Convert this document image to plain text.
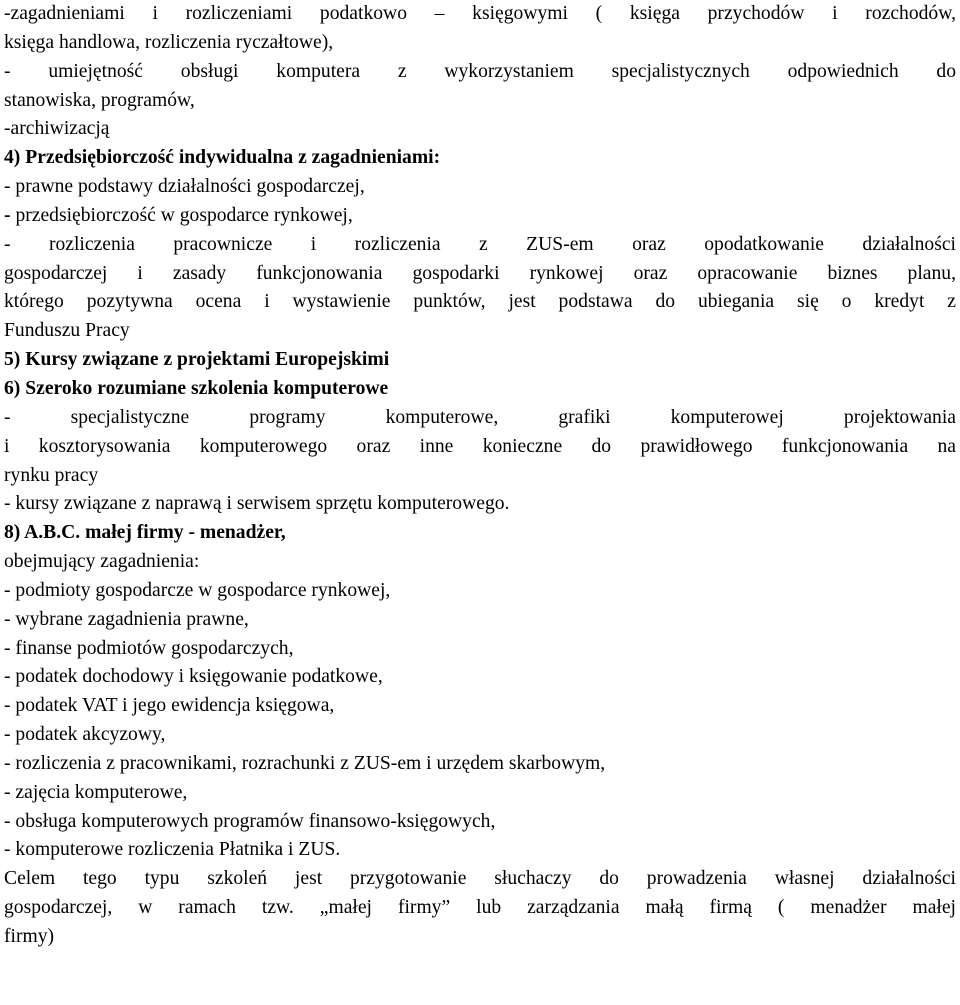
-zagadnieniami i rozliczeniami podatkowo – księgowymi ( księga przychodów i rozchodów,
księga handlowa, rozliczenia ryczałtowe),
- umiejętność obsługi komputera z wykorzystaniem specjalistycznych odpowiednich do
stanowiska, programów,
-archiwizacją
4) Przedsiębiorczość indywidualna z zagadnieniami:
- prawne podstawy działalności gospodarczej,
- przedsiębiorczość w gospodarce rynkowej,
- rozliczenia pracownicze i rozliczenia z ZUS-em oraz opodatkowanie działalności
gospodarczej i zasady funkcjonowania gospodarki rynkowej oraz opracowanie biznes planu,
którego pozytywna ocena i wystawienie punktów, jest podstawa do ubiegania się o kredyt z
Funduszu Pracy
5) Kursy związane z projektami Europejskimi
6) Szeroko rozumiane szkolenia komputerowe
- specjalistyczne programy komputerowe, grafiki komputerowej projektowania
i kosztorysowania komputerowego oraz inne konieczne do prawidłowego funkcjonowania na
rynku pracy
- kursy związane z naprawą i serwisem sprzętu komputerowego.
8) A.B.C. małej firmy - menadżer,
obejmujący zagadnienia:
- podmioty gospodarcze w gospodarce rynkowej,
- wybrane zagadnienia prawne,
- finanse podmiotów gospodarczych,
- podatek dochodowy i księgowanie podatkowe,
- podatek VAT i jego ewidencja księgowa,
- podatek akcyzowy,
- rozliczenia z pracownikami, rozrachunki z ZUS-em i urzędem skarbowym,
- zajęcia komputerowe,
- obsługa komputerowych programów finansowo-księgowych,
- komputerowe rozliczenia Płatnika i ZUS.
Celem tego typu szkoleń jest przygotowanie słuchaczy do prowadzenia własnej działalności
gospodarczej, w ramach tzw. „małej firmy” lub zarządzania małą firmą ( menadżer małej
firmy)
